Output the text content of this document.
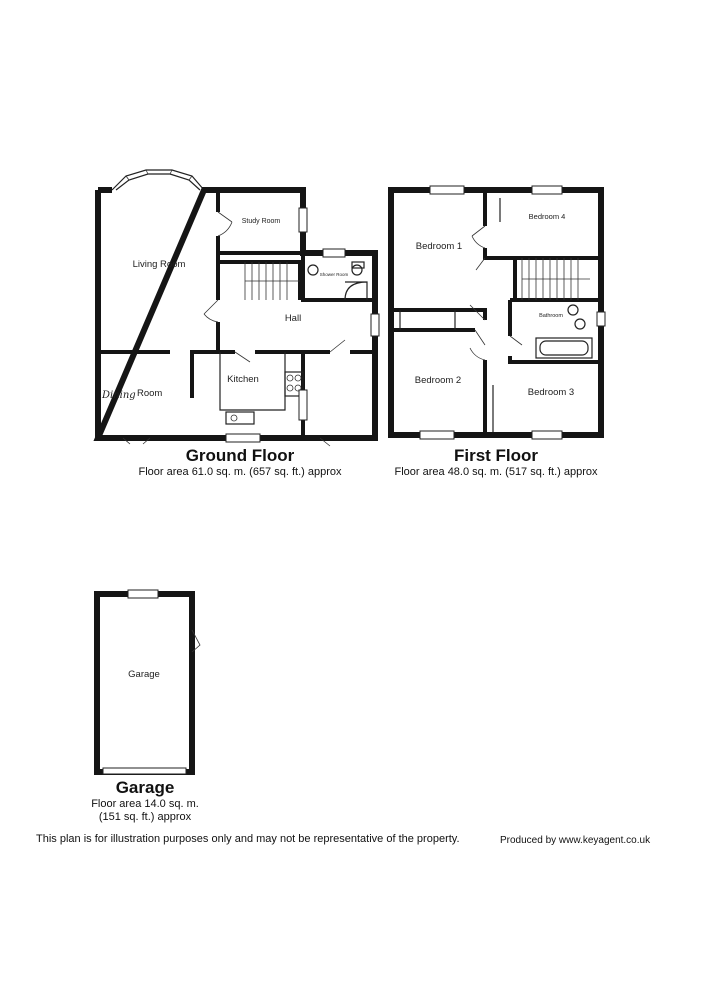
Living Room
Study Room
Shower Room
Hall
Kitchen
Dining Room
Bedroom 1
Bedroom 4
Bathroom
Bedroom 2
Bedroom 3
Garage
Ground Floor
Floor area 61.0 sq. m. (657 sq. ft.) approx
First Floor
Floor area 48.0 sq. m. (517 sq. ft.) approx
Garage
Floor area 14.0 sq. m.
(151 sq. ft.) approx
This plan is for illustration purposes only and may not be representative of the property.	Produced by www.keyagent.co.uk
